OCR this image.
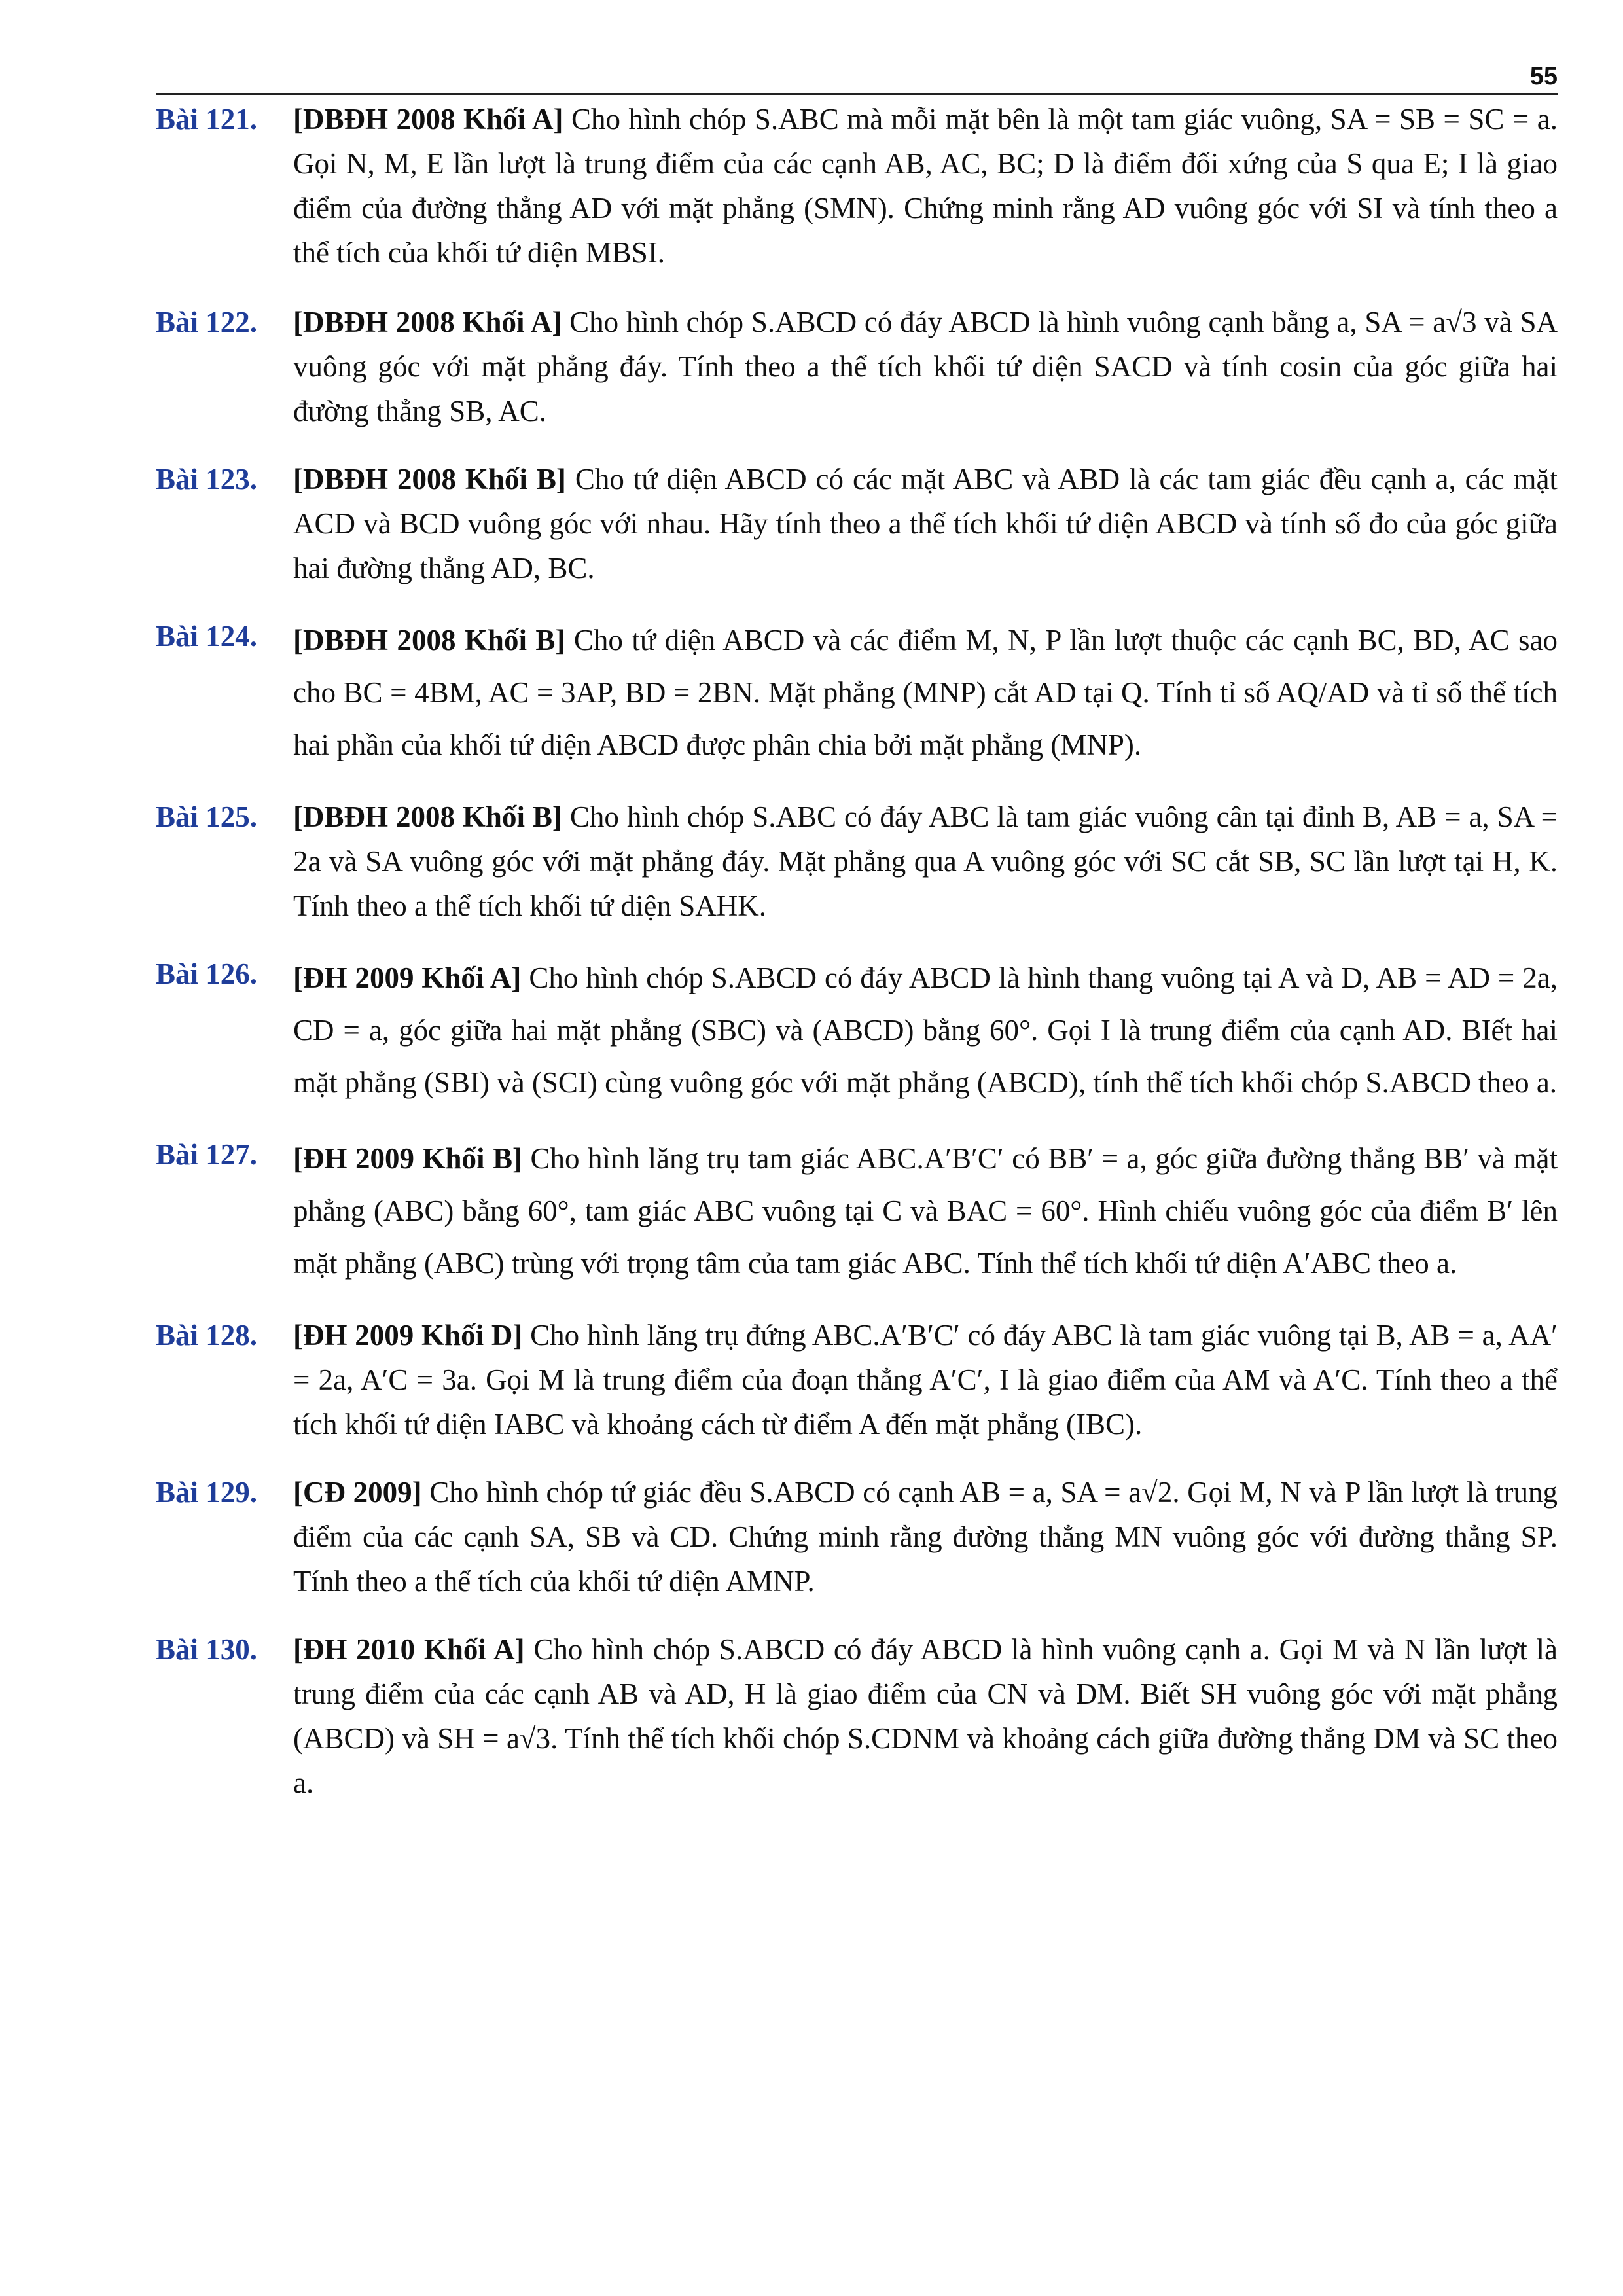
55
Bài 121.	[DBĐH 2008 Khối A] Cho hình chóp S.ABC mà mỗi mặt bên là một tam giác vuông, SA = SB = SC = a. Gọi N, M, E lần lượt là trung điểm của các cạnh AB, AC, BC; D là điểm đối xứng của S qua E; I là giao điểm của đường thẳng AD với mặt phẳng (SMN). Chứng minh rằng AD vuông góc với SI và tính theo a thể tích của khối tứ diện MBSI.
Bài 122.	[DBĐH 2008 Khối A] Cho hình chóp S.ABCD có đáy ABCD là hình vuông cạnh bằng a, SA = a√3 và SA vuông góc với mặt phẳng đáy. Tính theo a thể tích khối tứ diện SACD và tính cosin của góc giữa hai đường thẳng SB, AC.
Bài 123.	[DBĐH 2008 Khối B] Cho tứ diện ABCD có các mặt ABC và ABD là các tam giác đều cạnh a, các mặt ACD và BCD vuông góc với nhau. Hãy tính theo a thể tích khối tứ diện ABCD và tính số đo của góc giữa hai đường thẳng AD, BC.
Bài 124.	[DBĐH 2008 Khối B] Cho tứ diện ABCD và các điểm M, N, P lần lượt thuộc các cạnh BC, BD, AC sao cho BC = 4BM, AC = 3AP, BD = 2BN. Mặt phẳng (MNP) cắt AD tại Q. Tính tỉ số AQ/AD và tỉ số thể tích hai phần của khối tứ diện ABCD được phân chia bởi mặt phẳng (MNP).
Bài 125.	[DBĐH 2008 Khối B] Cho hình chóp S.ABC có đáy ABC là tam giác vuông cân tại đỉnh B, AB = a, SA = 2a và SA vuông góc với mặt phẳng đáy. Mặt phẳng qua A vuông góc với SC cắt SB, SC lần lượt tại H, K. Tính theo a thể tích khối tứ diện SAHK.
Bài 126.	[ĐH 2009 Khối A] Cho hình chóp S.ABCD có đáy ABCD là hình thang vuông tại A và D, AB = AD = 2a, CD = a, góc giữa hai mặt phẳng (SBC) và (ABCD) bằng 60°. Gọi I là trung điểm của cạnh AD. BIết hai mặt phẳng (SBI) và (SCI) cùng vuông góc với mặt phẳng (ABCD), tính thể tích khối chóp S.ABCD theo a.
Bài 127.	[ĐH 2009 Khối B] Cho hình lăng trụ tam giác ABC.A′B′C′ có BB′ = a, góc giữa đường thẳng BB′ và mặt phẳng (ABC) bằng 60°, tam giác ABC vuông tại C và BAC = 60°. Hình chiếu vuông góc của điểm B′ lên mặt phẳng (ABC) trùng với trọng tâm của tam giác ABC. Tính thể tích khối tứ diện A′ABC theo a.
Bài 128.	[ĐH 2009 Khối D] Cho hình lăng trụ đứng ABC.A′B′C′ có đáy ABC là tam giác vuông tại B, AB = a, AA′ = 2a, A′C = 3a. Gọi M là trung điểm của đoạn thẳng A′C′, I là giao điểm của AM và A′C. Tính theo a thể tích khối tứ diện IABC và khoảng cách từ điểm A đến mặt phẳng (IBC).
Bài 129.	[CĐ 2009] Cho hình chóp tứ giác đều S.ABCD có cạnh AB = a, SA = a√2. Gọi M, N và P lần lượt là trung điểm của các cạnh SA, SB và CD. Chứng minh rằng đường thẳng MN vuông góc với đường thẳng SP. Tính theo a thể tích của khối tứ diện AMNP.
Bài 130.	[ĐH 2010 Khối A] Cho hình chóp S.ABCD có đáy ABCD là hình vuông cạnh a. Gọi M và N lần lượt là trung điểm của các cạnh AB và AD, H là giao điểm của CN và DM. Biết SH vuông góc với mặt phẳng (ABCD) và SH = a√3. Tính thể tích khối chóp S.CDNM và khoảng cách giữa đường thẳng DM và SC theo a.
